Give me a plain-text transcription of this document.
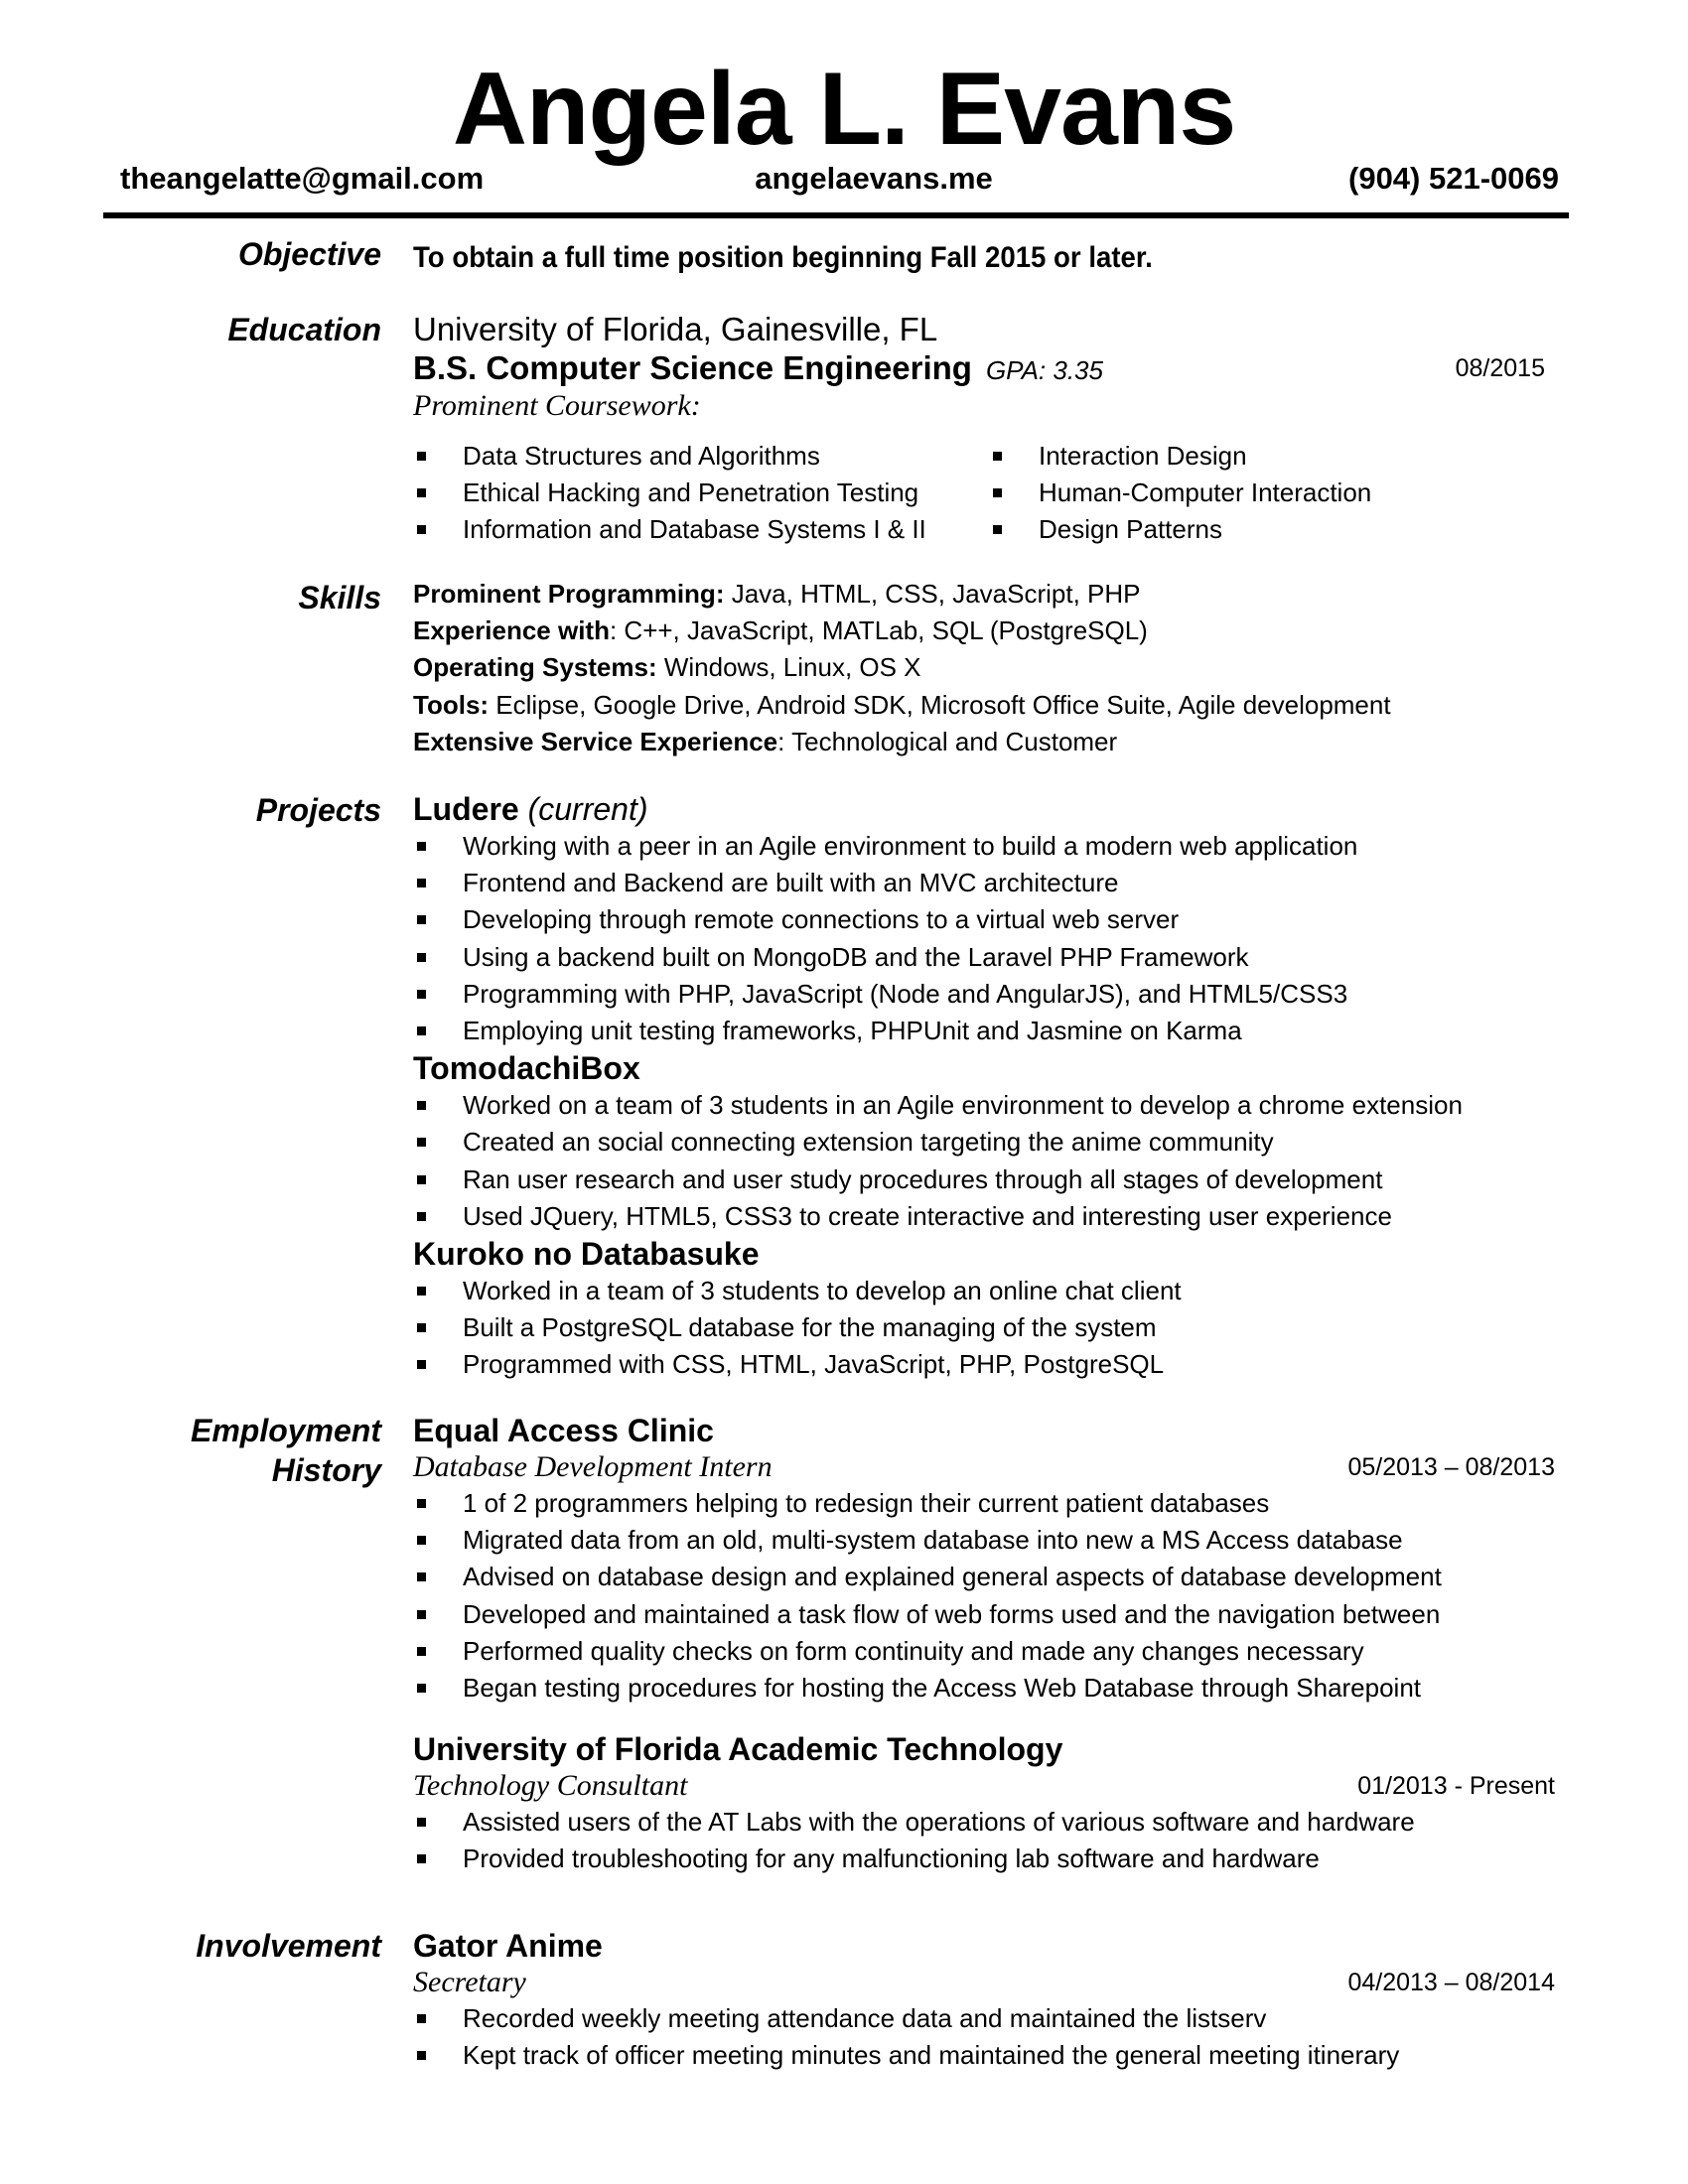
Angela L. Evans
theangelatte@gmail.com	angelaevans.me	(904) 521-0069
Objective To obtain a full time position beginning Fall 2015 or later.
Education University of Florida, Gainesville, FL
B.S. Computer Science Engineering GPA: 3.35	08/2015
Prominent Coursework:
Data Structures and Algorithms
Ethical Hacking and Penetration Testing
Information and Database Systems I & II
Interaction Design
Human-Computer Interaction
Design Patterns
Skills Prominent Programming: Java, HTML, CSS, JavaScript, PHP

Experience with: C++, JavaScript, MATLab, SQL (PostgreSQL)

Operating Systems: Windows, Linux, OS X

Tools: Eclipse, Google Drive, Android SDK, Microsoft Office Suite, Agile development

Extensive Service Experience: Technological and Customer

Projects Ludere (current)
Working with a peer in an Agile environment to build a modern web application
Frontend and Backend are built with an MVC architecture
Developing through remote connections to a virtual web server
Using a backend built on MongoDB and the Laravel PHP Framework
Programming with PHP, JavaScript (Node and AngularJS), and HTML5/CSS3
Employing unit testing frameworks, PHPUnit and Jasmine on Karma
TomodachiBox
Worked on a team of 3 students in an Agile environment to develop a chrome extension
Created an social connecting extension targeting the anime community
Ran user research and user study procedures through all stages of development
Used JQuery, HTML5, CSS3 to create interactive and interesting user experience
Kuroko no Databasuke
Worked in a team of 3 students to develop an online chat client
Built a PostgreSQL database for the managing of the system
Programmed with CSS, HTML, JavaScript, PHP, PostgreSQL
Employment
History
Equal Access Clinic
Database Development Intern	05/2013 – 08/2013
1 of 2 programmers helping to redesign their current patient databases
Migrated data from an old, multi-system database into new a MS Access database
Advised on database design and explained general aspects of database development
Developed and maintained a task flow of web forms used and the navigation between
Performed quality checks on form continuity and made any changes necessary
Began testing procedures for hosting the Access Web Database through Sharepoint
University of Florida Academic Technology
Technology Consultant	01/2013 - Present
Assisted users of the AT Labs with the operations of various software and hardware
Provided troubleshooting for any malfunctioning lab software and hardware
Involvement Gator Anime
Secretary	04/2013 – 08/2014
Recorded weekly meeting attendance data and maintained the listserv
Kept track of officer meeting minutes and maintained the general meeting itinerary
